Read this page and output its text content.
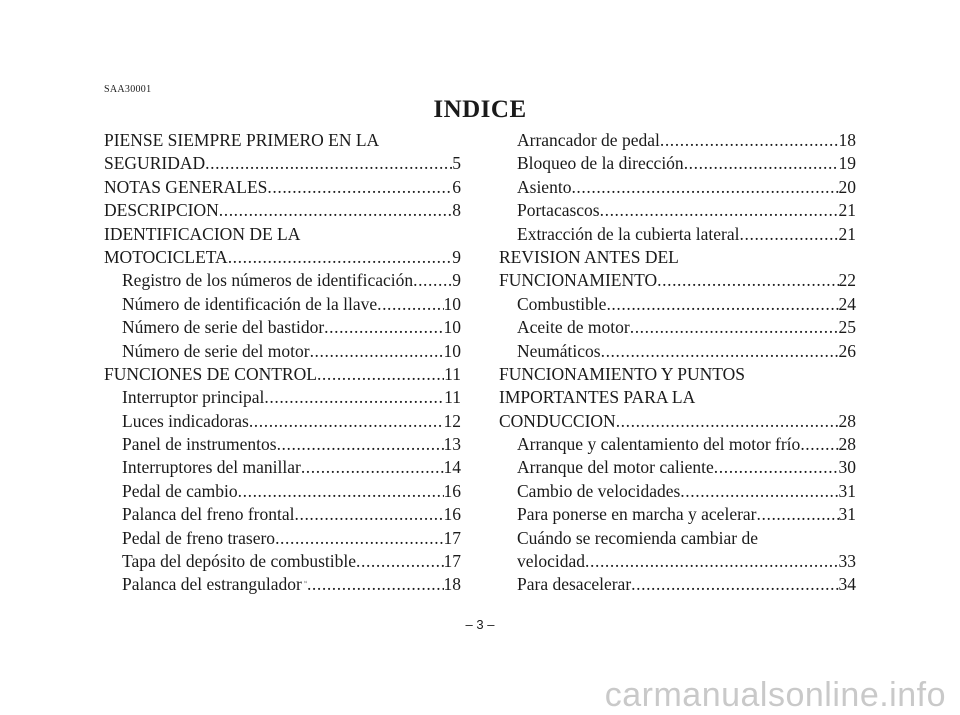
SAA30001
INDICE
PIENSE SIEMPRE PRIMERO EN LA
SEGURIDAD .....	5
NOTAS GENERALES .....	6
DESCRIPCION .....	8
IDENTIFICACION DE LA
MOTOCICLETA .....	9
Registro de los números de identificación ..... 9
Número de identificación de la llave .....	10
Número de serie del bastidor .....	10
Número de serie del motor .....	10
FUNCIONES DE CONTROL .....	11
Interruptor principal .....	11
Luces indicadoras .....	12
Panel de instrumentos .....	13
Interruptores del manillar .....	14
Pedal de cambio .....	16
Palanca del freno frontal .....	16
Pedal de freno trasero .....	17
Tapa del depósito de combustible .....	17
Palanca del estrangulador .....	18
Arrancador de pedal .....	18
Bloqueo de la dirección .....	19
Asiento .....	20
Portacascos .....	21
Extracción de la cubierta lateral .....	21
REVISION ANTES DEL
FUNCIONAMIENTO .....	22
Combustible .....	24
Aceite de motor .....	25
Neumáticos .....	26
FUNCIONAMIENTO Y PUNTOS
IMPORTANTES PARA LA
CONDUCCION .....	28
Arranque y calentamiento del motor frío ..... 28
Arranque del motor caliente .....	30
Cambio de velocidades .....	31
Para ponerse en marcha y acelerar .....	31
Cuándo se recomienda cambiar de
velocidad .....	33
Para desacelerar .....	34
– 3 –
carmanualsonline.info
